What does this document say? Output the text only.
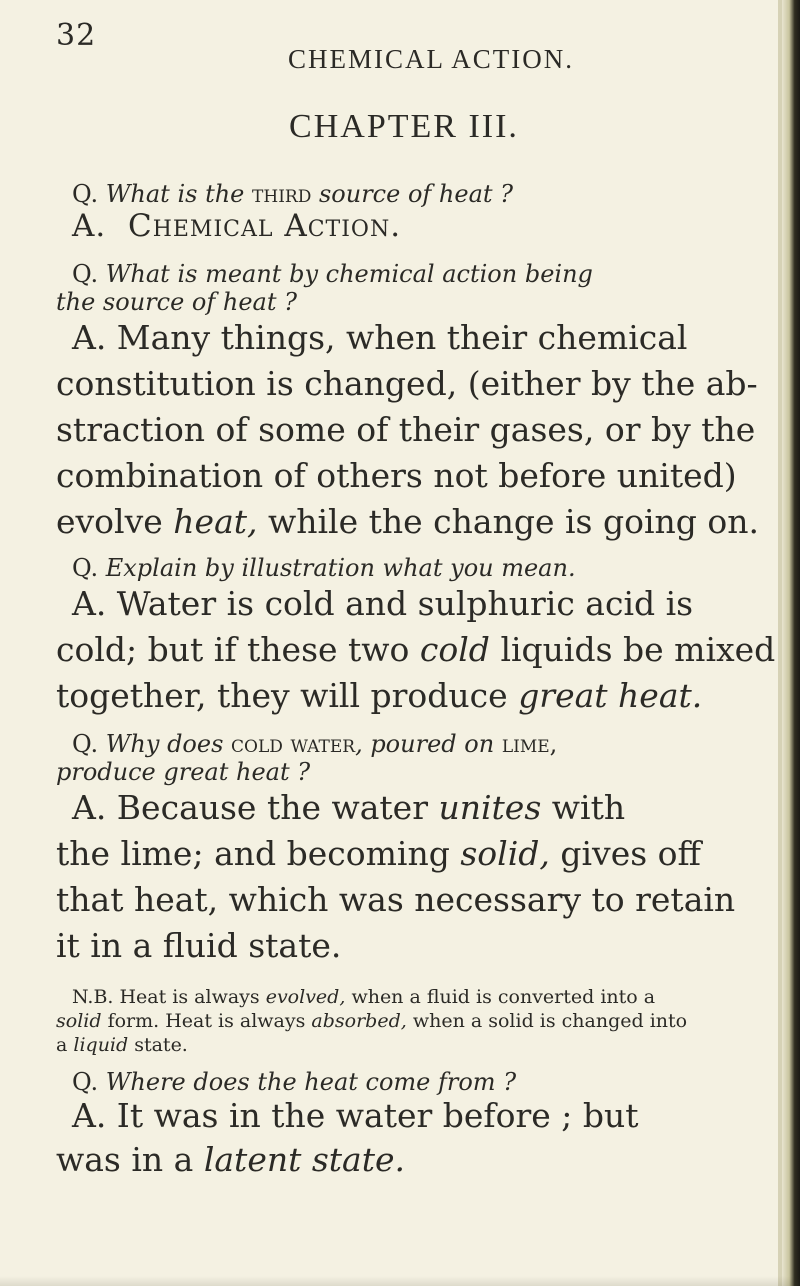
32
CHEMICAL ACTION.
CHAPTER III.
Q. What is the third source of heat ?
A. Chemical Action.
Q. What is meant by chemical action being
the source of heat ?
A. Many things, when their chemical
constitution is changed, (either by the ab-
straction of some of their gases, or by the
combination of others not before united)
evolve heat, while the change is going on.
Q. Explain by illustration what you mean.
A. Water is cold and sulphuric acid is
cold; but if these two cold liquids be mixed
together, they will produce great heat.
Q. Why does cold water, poured on lime,
produce great heat ?
A. Because the water unites with
the lime; and becoming solid, gives off
that heat, which was necessary to retain
it in a fluid state.
N.B. Heat is always evolved, when a fluid is converted into a
solid form. Heat is always absorbed, when a solid is changed into
a liquid state.
Q. Where does the heat come from ?
A. It was in the water before ; but
was in a latent state.
